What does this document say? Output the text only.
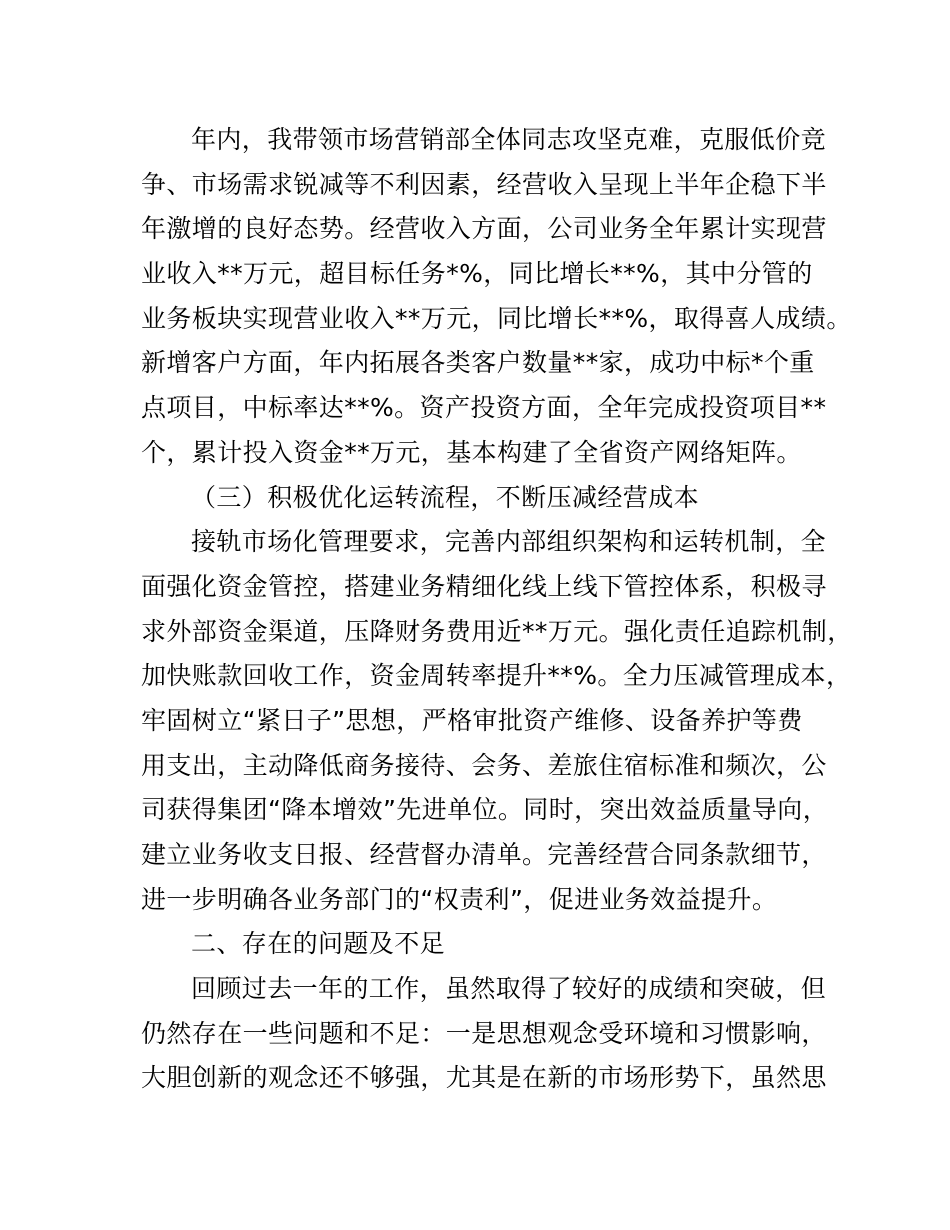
年内，我带领市场营销部全体同志攻坚克难，克服低价竞
争、市场需求锐减等不利因素，经营收入呈现上半年企稳下半
年激增的良好态势。经营收入方面，公司业务全年累计实现营
业收入**万元，超目标任务*%，同比增长**%，其中分管的
业务板块实现营业收入**万元，同比增长**%，取得喜人成绩。
新增客户方面，年内拓展各类客户数量**家，成功中标*个重
点项目，中标率达**%。资产投资方面，全年完成投资项目**
个，累计投入资金**万元，基本构建了全省资产网络矩阵。
（三）积极优化运转流程，不断压减经营成本
接轨市场化管理要求，完善内部组织架构和运转机制，全
面强化资金管控，搭建业务精细化线上线下管控体系，积极寻
求外部资金渠道，压降财务费用近**万元。强化责任追踪机制，
加快账款回收工作，资金周转率提升**%。全力压减管理成本，
牢固树立“紧日子”思想，严格审批资产维修、设备养护等费
用支出，主动降低商务接待、会务、差旅住宿标准和频次，公
司获得集团“降本增效”先进单位。同时，突出效益质量导向，
建立业务收支日报、经营督办清单。完善经营合同条款细节，
进一步明确各业务部门的“权责利”，促进业务效益提升。
二、存在的问题及不足
回顾过去一年的工作，虽然取得了较好的成绩和突破，但
仍然存在一些问题和不足：一是思想观念受环境和习惯影响，
大胆创新的观念还不够强，尤其是在新的市场形势下，虽然思
